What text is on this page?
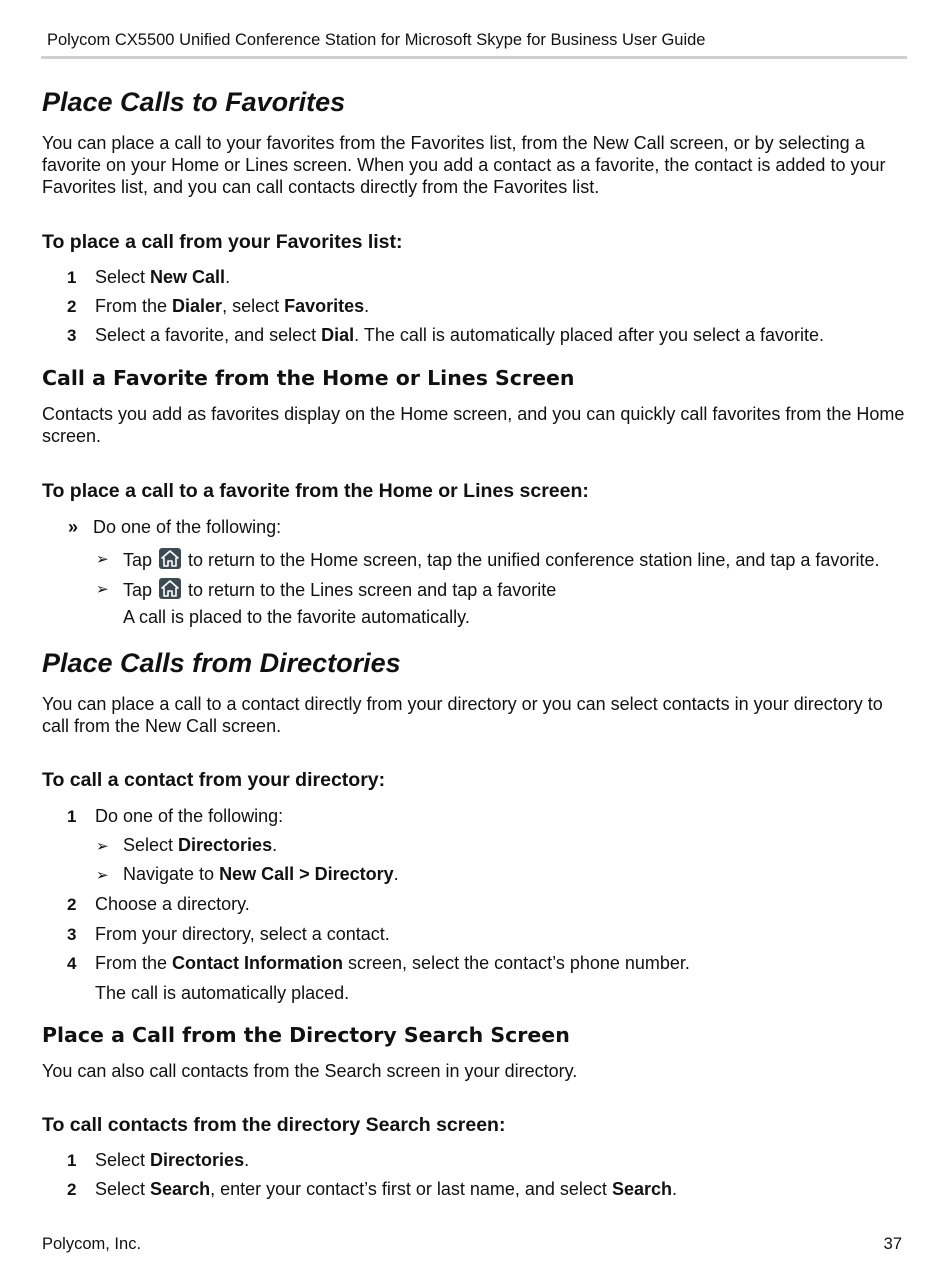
Polycom CX5500 Unified Conference Station for Microsoft Skype for Business User Guide
Place Calls to Favorites
You can place a call to your favorites from the Favorites list, from the New Call screen, or by selecting a favorite on your Home or Lines screen. When you add a contact as a favorite, the contact is added to your Favorites list, and you can call contacts directly from the Favorites list.
To place a call from your Favorites list:
1 Select New Call.
2 From the Dialer, select Favorites.
3 Select a favorite, and select Dial. The call is automatically placed after you select a favorite.
Call a Favorite from the Home or Lines Screen
Contacts you add as favorites display on the Home screen, and you can quickly call favorites from the Home screen.
To place a call to a favorite from the Home or Lines screen:
» Do one of the following:
➢ Tap  to return to the Home screen, tap the unified conference station line, and tap a favorite.
➢ Tap  to return to the Lines screen and tap a favorite
A call is placed to the favorite automatically.
Place Calls from Directories
You can place a call to a contact directly from your directory or you can select contacts in your directory to call from the New Call screen.
To call a contact from your directory:
1 Do one of the following:
➢ Select Directories.
➢ Navigate to New Call > Directory.
2 Choose a directory.
3 From your directory, select a contact.
4 From the Contact Information screen, select the contact’s phone number.
The call is automatically placed.
Place a Call from the Directory Search Screen
You can also call contacts from the Search screen in your directory.
To call contacts from the directory Search screen:
1 Select Directories.
2 Select Search, enter your contact’s first or last name, and select Search.
Polycom, Inc.	37
